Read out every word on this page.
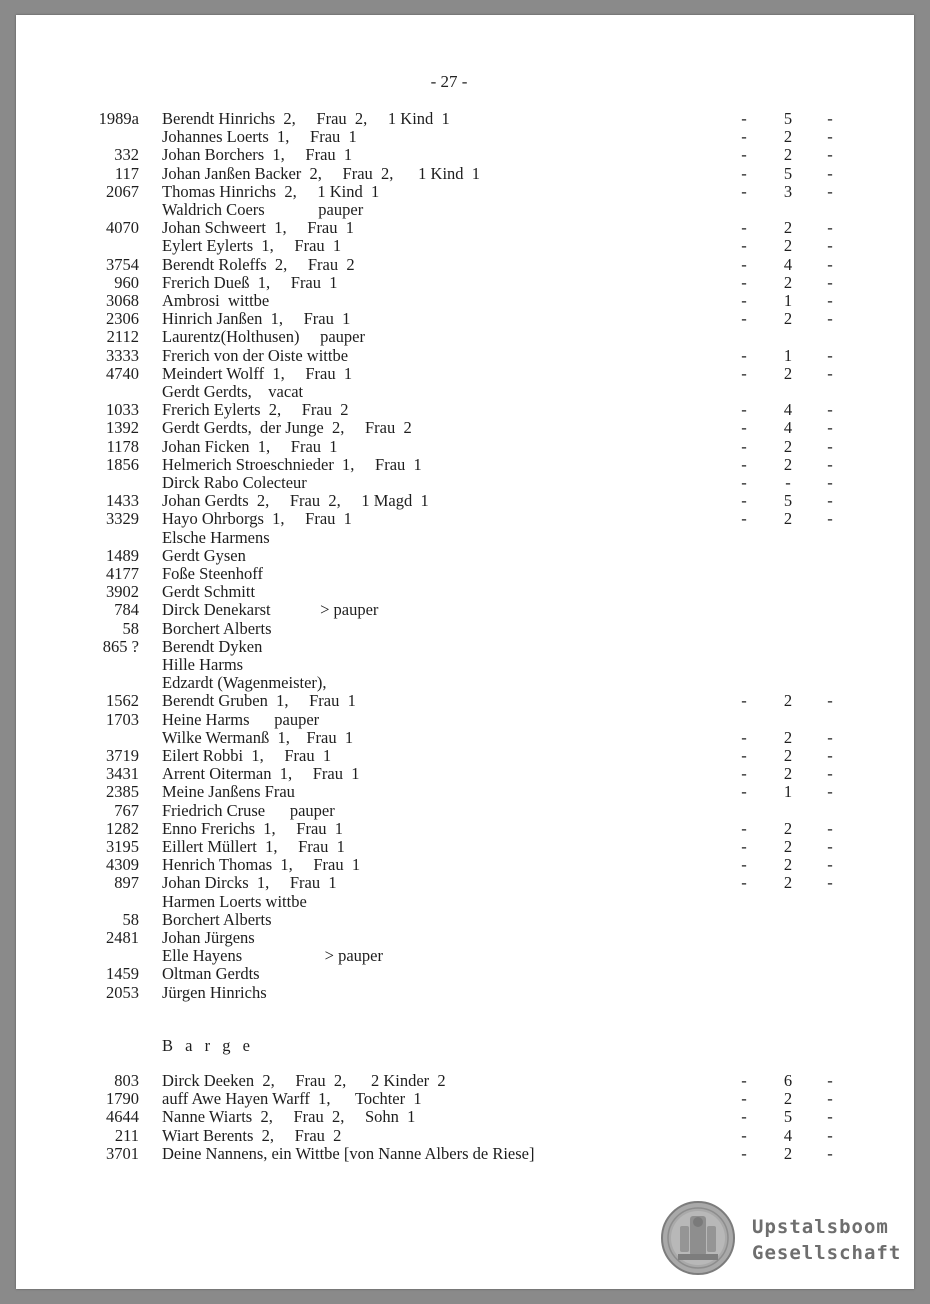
- 27 -
1989a Berendt Hinrichs  2,     Frau  2,     1 Kind  1	- 5 -
Johannes Loerts  1,     Frau  1	- 2 -
332 Johan Borchers  1,     Frau  1	- 2 -
117 Johan Janßen Backer  2,     Frau  2,      1 Kind  1	- 5 -
2067 Thomas Hinrichs  2,     1 Kind  1	- 3 -
Waldrich Coers             pauper
4070 Johan Schweert  1,     Frau  1	- 2 -
Eylert Eylerts  1,     Frau  1	- 2 -
3754 Berendt Roleffs  2,     Frau  2	- 4 -
960 Frerich Dueß  1,     Frau  1	- 2 -
3068 Ambrosi  wittbe	- 1 -
2306 Hinrich Janßen  1,     Frau  1	- 2 -
2112 Laurentz(Holthusen)     pauper
3333 Frerich von der Oiste wittbe	- 1 -
4740 Meindert Wolff  1,     Frau  1	- 2 -
Gerdt Gerdts,    vacat
1033 Frerich Eylerts  2,     Frau  2	- 4 -
1392 Gerdt Gerdts,  der Junge  2,     Frau  2	- 4 -
1178 Johan Ficken  1,     Frau  1	- 2 -
1856 Helmerich Stroeschnieder  1,     Frau  1	- 2 -
Dirck Rabo Colecteur	- - -
1433 Johan Gerdts  2,     Frau  2,     1 Magd  1	- 5 -
3329 Hayo Ohrborgs  1,     Frau  1	- 2 -
Elsche Harmens
1489 Gerdt Gysen
4177 Foße Steenhoff
3902 Gerdt Schmitt
784 Dirck Denekarst            > pauper
58 Borchert Alberts
865 ? Berendt Dyken
Hille Harms
Edzardt (Wagenmeister),
1562 Berendt Gruben  1,     Frau  1	- 2 -
1703 Heine Harms      pauper
Wilke Wermanß  1,    Frau  1	- 2 -
3719 Eilert Robbi  1,     Frau  1	- 2 -
3431 Arrent Oiterman  1,     Frau  1	- 2 -
2385 Meine Janßens Frau	- 1 -
767 Friedrich Cruse      pauper
1282 Enno Frerichs  1,     Frau  1	- 2 -
3195 Eillert Müllert  1,     Frau  1	- 2 -
4309 Henrich Thomas  1,     Frau  1	- 2 -
897 Johan Dircks  1,     Frau  1	- 2 -
Harmen Loerts wittbe
58 Borchert Alberts
2481 Johan Jürgens
Elle Hayens                    > pauper
1459 Oltman Gerdts
2053 Jürgen Hinrichs
B a r g e
803 Dirck Deeken  2,     Frau  2,      2 Kinder  2	- 6 -
1790 auff Awe Hayen Warff  1,      Tochter  1	- 2 -
4644 Nanne Wiarts  2,     Frau  2,     Sohn  1	- 5 -
211 Wiart Berents  2,     Frau  2	- 4 -
3701 Deine Nannens, ein Wittbe [von Nanne Albers de Riese]	- 2 -
Upstalsboom
Gesellschaft
